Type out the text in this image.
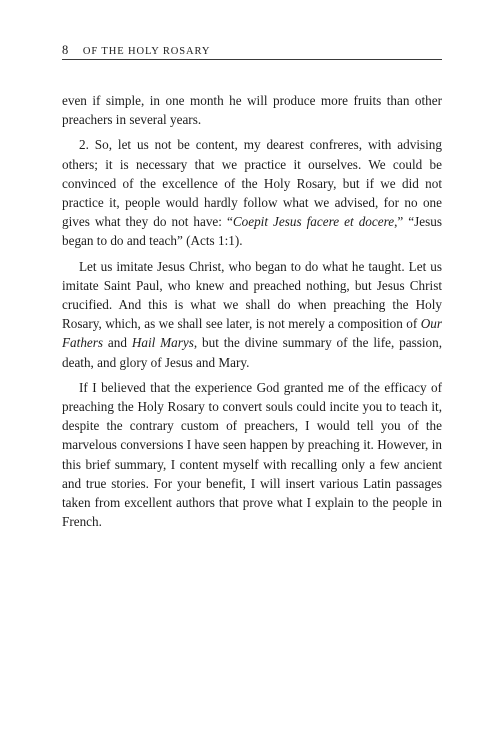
8 OF THE HOLY ROSARY

even if simple, in one month he will produce more fruits than other preachers in several years.

2. So, let us not be content, my dearest confreres, with advising others; it is necessary that we practice it ourselves. We could be convinced of the excellence of the Holy Rosary, but if we did not practice it, people would hardly follow what we advised, for no one gives what they do not have: “Coepit Jesus facere et docere,” “Jesus began to do and teach” (Acts 1:1).

Let us imitate Jesus Christ, who began to do what he taught. Let us imitate Saint Paul, who knew and preached nothing, but Jesus Christ crucified. And this is what we shall do when preaching the Holy Rosary, which, as we shall see later, is not merely a composition of Our Fathers and Hail Marys, but the divine summary of the life, passion, death, and glory of Jesus and Mary.

If I believed that the experience God granted me of the efficacy of preaching the Holy Rosary to convert souls could incite you to teach it, despite the contrary custom of preachers, I would tell you of the marvelous conversions I have seen happen by preaching it. However, in this brief summary, I content myself with recalling only a few ancient and true stories. For your benefit, I will insert various Latin passages taken from excellent authors that prove what I explain to the people in French.
